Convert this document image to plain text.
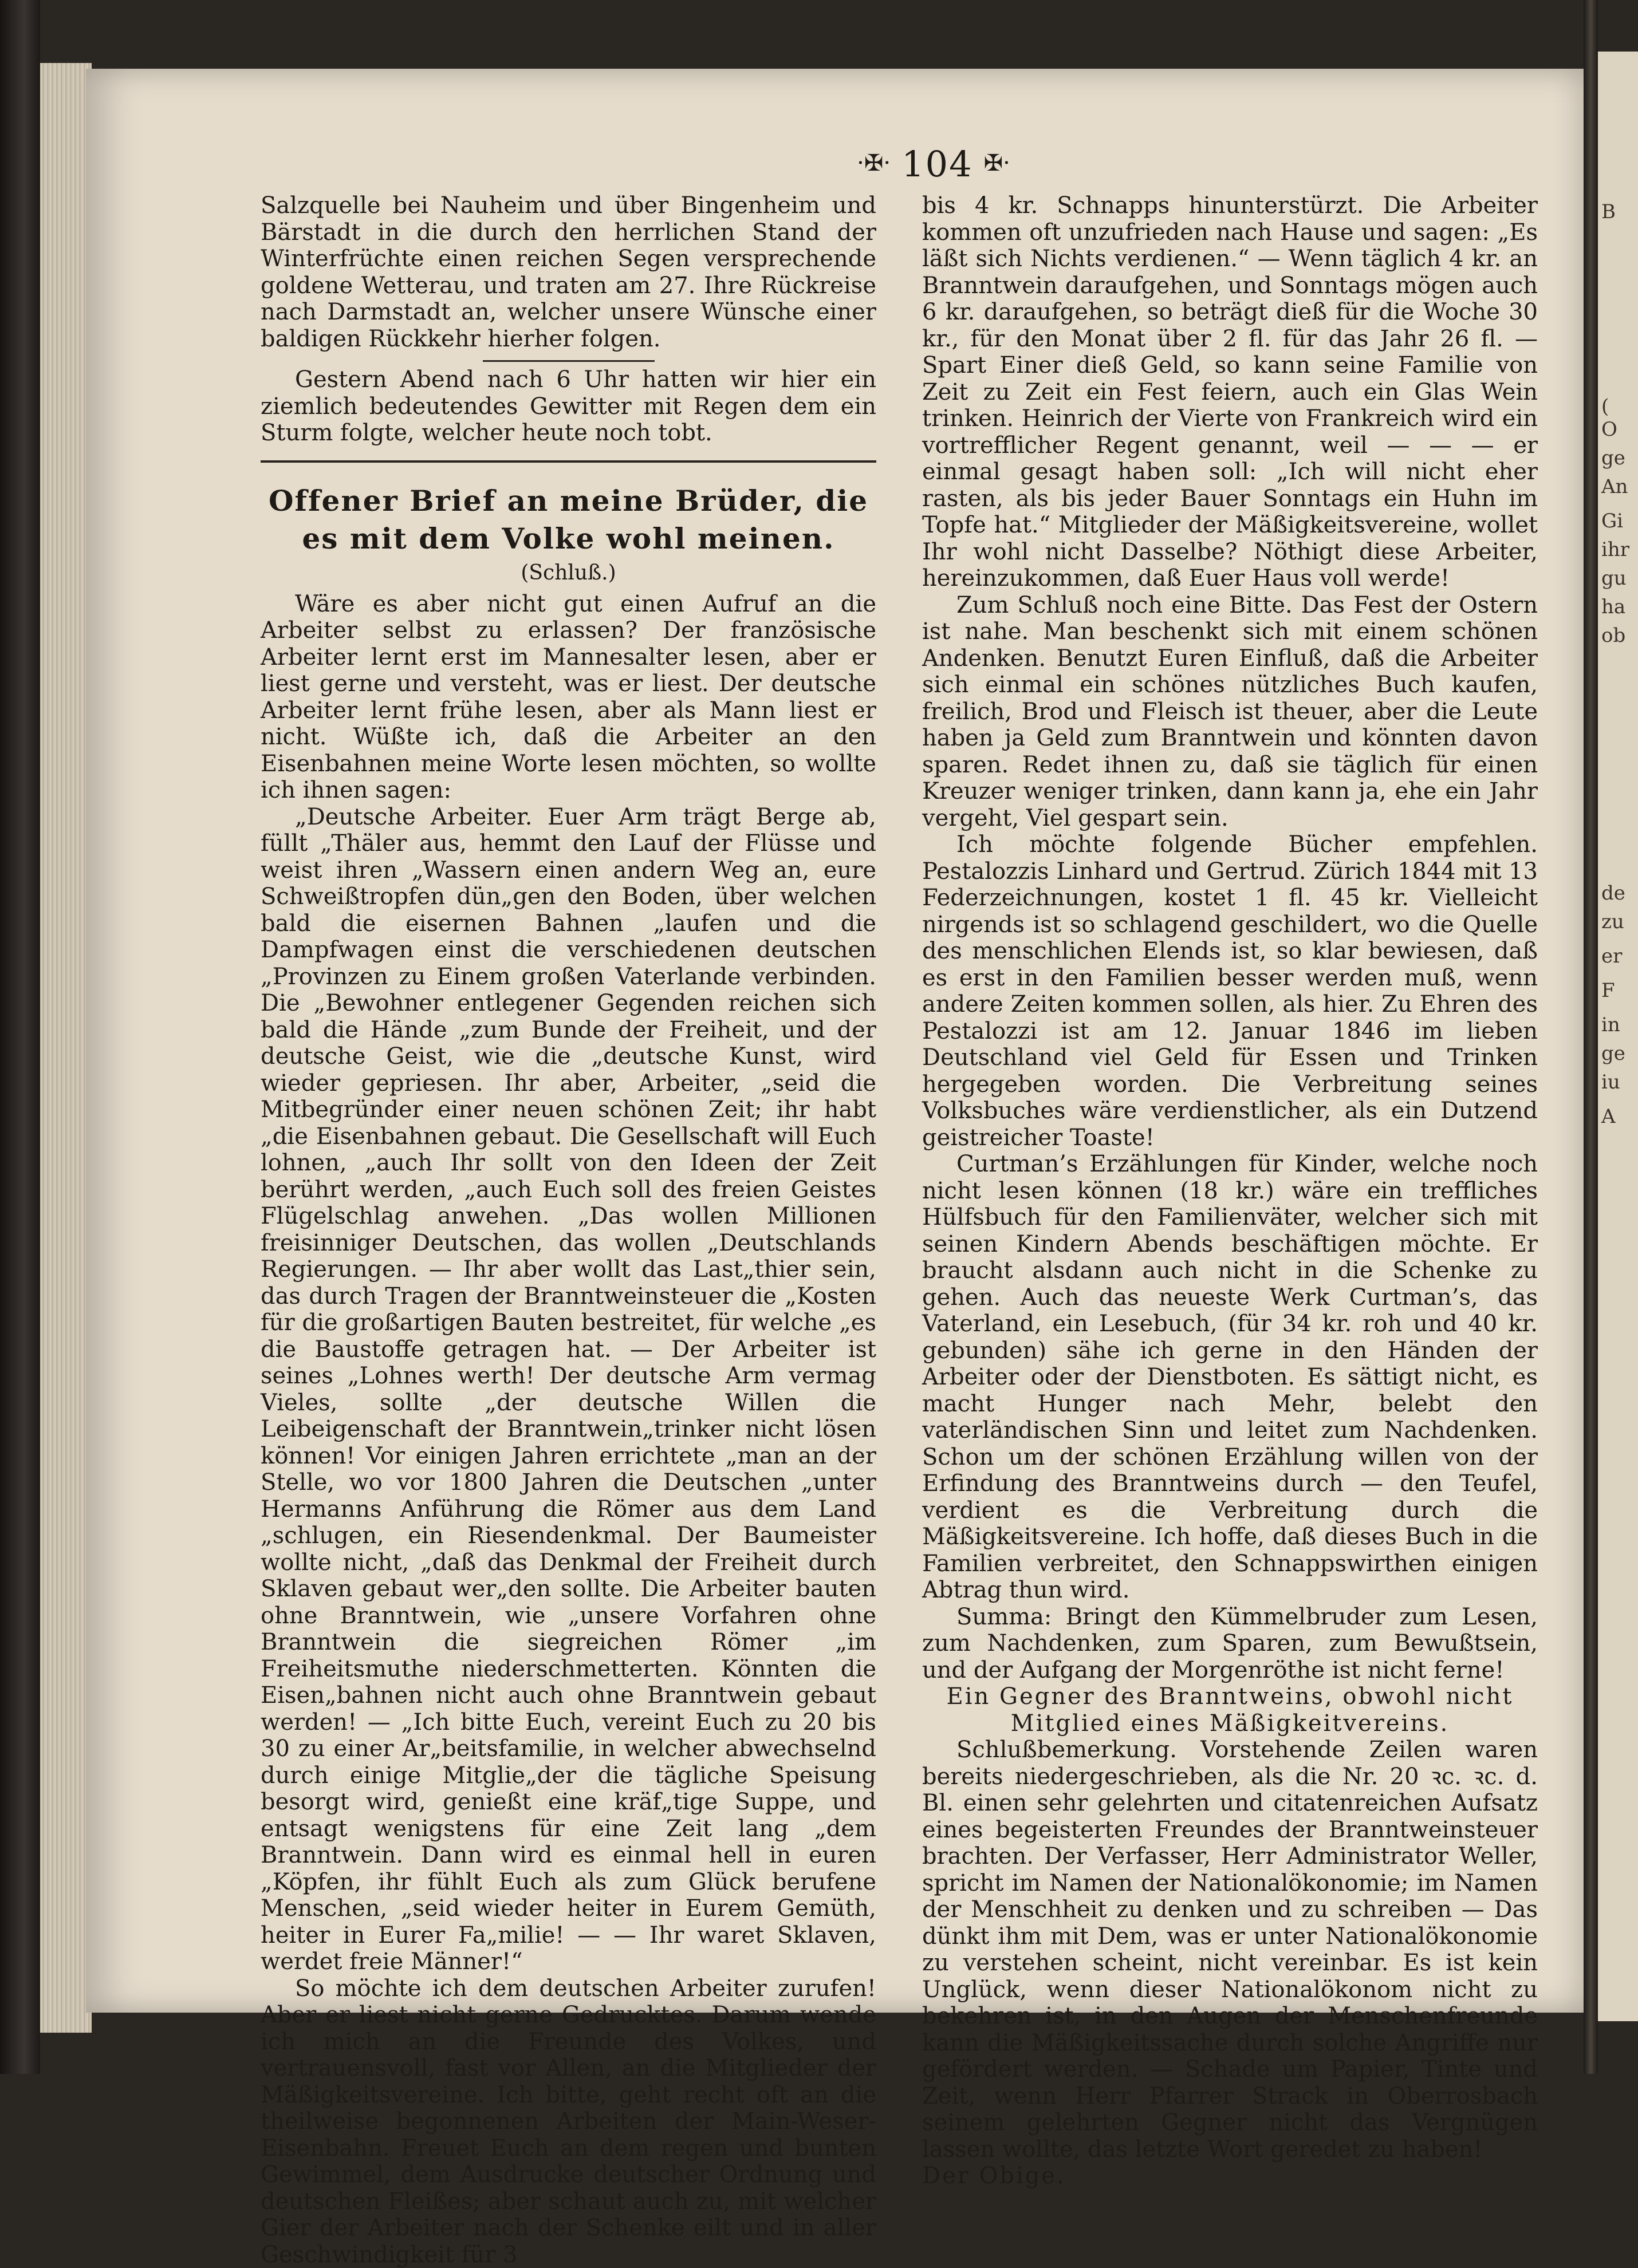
B
(
O
ge
An
Gi
ihr
gu
ha
ob
de
zu
er
F
in
ge
iu
A
·✠· 104 ✠·

Salzquelle bei Nauheim und über Bingenheim und Bärstadt in die durch den herrlichen Stand der Winterfrüchte einen reichen Segen versprechende goldene Wetterau, und traten am 27. Ihre Rückreise nach Darmstadt an, welcher unsere Wünsche einer baldigen Rückkehr hierher folgen.

Gestern Abend nach 6 Uhr hatten wir hier ein ziemlich bedeutendes Gewitter mit Regen dem ein Sturm folgte, welcher heute noch tobt.

Offener Brief an meine Brüder, die es mit dem Volke wohl meinen.
(Schluß.)

Wäre es aber nicht gut einen Aufruf an die Arbeiter selbst zu erlassen? Der französische Arbeiter lernt erst im Mannesalter lesen, aber er liest gerne und versteht, was er liest. Der deutsche Arbeiter lernt frühe lesen, aber als Mann liest er nicht. Wüßte ich, daß die Arbeiter an den Eisenbahnen meine Worte lesen möchten, so wollte ich ihnen sagen:

„Deutsche Arbeiter. Euer Arm trägt Berge ab, füllt „Thäler aus, hemmt den Lauf der Flüsse und weist ihren „Wassern einen andern Weg an, eure Schweißtropfen dün„gen den Boden, über welchen bald die eisernen Bahnen „laufen und die Dampfwagen einst die verschiedenen deutschen „Provinzen zu Einem großen Vaterlande verbinden. Die „Bewohner entlegener Gegenden reichen sich bald die Hände „zum Bunde der Freiheit, und der deutsche Geist, wie die „deutsche Kunst, wird wieder gepriesen. Ihr aber, Arbeiter, „seid die Mitbegründer einer neuen schönen Zeit; ihr habt „die Eisenbahnen gebaut. Die Gesellschaft will Euch lohnen, „auch Ihr sollt von den Ideen der Zeit berührt werden, „auch Euch soll des freien Geistes Flügelschlag anwehen. „Das wollen Millionen freisinniger Deutschen, das wollen „Deutschlands Regierungen. — Ihr aber wollt das Last„thier sein, das durch Tragen der Branntweinsteuer die „Kosten für die großartigen Bauten bestreitet, für welche „es die Baustoffe getragen hat. — Der Arbeiter ist seines „Lohnes werth! Der deutsche Arm vermag Vieles, sollte „der deutsche Willen die Leibeigenschaft der Branntwein„trinker nicht lösen können! Vor einigen Jahren errichtete „man an der Stelle, wo vor 1800 Jahren die Deutschen „unter Hermanns Anführung die Römer aus dem Land „schlugen, ein Riesendenkmal. Der Baumeister wollte nicht, „daß das Denkmal der Freiheit durch Sklaven gebaut wer„den sollte. Die Arbeiter bauten ohne Branntwein, wie „unsere Vorfahren ohne Branntwein die siegreichen Römer „im Freiheitsmuthe niederschmetterten. Könnten die Eisen„bahnen nicht auch ohne Branntwein gebaut werden! — „Ich bitte Euch, vereint Euch zu 20 bis 30 zu einer Ar„beitsfamilie, in welcher abwechselnd durch einige Mitglie„der die tägliche Speisung besorgt wird, genießt eine kräf„tige Suppe, und entsagt wenigstens für eine Zeit lang „dem Branntwein. Dann wird es einmal hell in euren „Köpfen, ihr fühlt Euch als zum Glück berufene Menschen, „seid wieder heiter in Eurem Gemüth, heiter in Eurer Fa„milie! — — Ihr waret Sklaven, werdet freie Männer!“

So möchte ich dem deutschen Arbeiter zurufen! Aber er liest nicht gerne Gedrucktes. Darum wende ich mich an die Freunde des Volkes, und vertrauensvoll, fast vor Allen, an die Mitglieder der Mäßigkeitsvereine. Ich bitte, geht recht oft an die theilweise begonnenen Arbeiten der Main-Weser-Eisenbahn. Freuet Euch an dem regen und bunten Gewimmel, dem Ausdrucke deutscher Ordnung und deutschen Fleißes; aber schaut auch zu, mit welcher Gier der Arbeiter nach der Schenke eilt und in aller Geschwindigkeit für 3

bis 4 kr. Schnapps hinunterstürzt. Die Arbeiter kommen oft unzufrieden nach Hause und sagen: „Es läßt sich Nichts verdienen.“ — Wenn täglich 4 kr. an Branntwein daraufgehen, und Sonntags mögen auch 6 kr. daraufgehen, so beträgt dieß für die Woche 30 kr., für den Monat über 2 fl. für das Jahr 26 fl. — Spart Einer dieß Geld, so kann seine Familie von Zeit zu Zeit ein Fest feiern, auch ein Glas Wein trinken. Heinrich der Vierte von Frankreich wird ein vortrefflicher Regent genannt, weil — — — er einmal gesagt haben soll: „Ich will nicht eher rasten, als bis jeder Bauer Sonntags ein Huhn im Topfe hat.“ Mitglieder der Mäßigkeitsvereine, wollet Ihr wohl nicht Dasselbe? Nöthigt diese Arbeiter, hereinzukommen, daß Euer Haus voll werde!

Zum Schluß noch eine Bitte. Das Fest der Ostern ist nahe. Man beschenkt sich mit einem schönen Andenken. Benutzt Euren Einfluß, daß die Arbeiter sich einmal ein schönes nützliches Buch kaufen, freilich, Brod und Fleisch ist theuer, aber die Leute haben ja Geld zum Branntwein und könnten davon sparen. Redet ihnen zu, daß sie täglich für einen Kreuzer weniger trinken, dann kann ja, ehe ein Jahr vergeht, Viel gespart sein.

Ich möchte folgende Bücher empfehlen. Pestalozzis Linhard und Gertrud. Zürich 1844 mit 13 Federzeichnungen, kostet 1 fl. 45 kr. Vielleicht nirgends ist so schlagend geschildert, wo die Quelle des menschlichen Elends ist, so klar bewiesen, daß es erst in den Familien besser werden muß, wenn andere Zeiten kommen sollen, als hier. Zu Ehren des Pestalozzi ist am 12. Januar 1846 im lieben Deutschland viel Geld für Essen und Trinken hergegeben worden. Die Verbreitung seines Volksbuches wäre verdienstlicher, als ein Dutzend geistreicher Toaste!

Curtman’s Erzählungen für Kinder, welche noch nicht lesen können (18 kr.) wäre ein treffliches Hülfsbuch für den Familienväter, welcher sich mit seinen Kindern Abends beschäftigen möchte. Er braucht alsdann auch nicht in die Schenke zu gehen. Auch das neueste Werk Curtman’s, das Vaterland, ein Lesebuch, (für 34 kr. roh und 40 kr. gebunden) sähe ich gerne in den Händen der Arbeiter oder der Dienstboten. Es sättigt nicht, es macht Hunger nach Mehr, belebt den vaterländischen Sinn und leitet zum Nachdenken. Schon um der schönen Erzählung willen von der Erfindung des Branntweins durch — den Teufel, verdient es die Verbreitung durch die Mäßigkeitsvereine. Ich hoffe, daß dieses Buch in die Familien verbreitet, den Schnappswirthen einigen Abtrag thun wird.

Summa: Bringt den Kümmelbruder zum Lesen, zum Nachdenken, zum Sparen, zum Bewußtsein, und der Aufgang der Morgenröthe ist nicht ferne!

Ein Gegner des Branntweins, obwohl nicht Mitglied eines Mäßigkeitvereins.

Schlußbemerkung. Vorstehende Zeilen waren bereits niedergeschrieben, als die Nr. 20 ꝛc. ꝛc. d. Bl. einen sehr gelehrten und citatenreichen Aufsatz eines begeisterten Freundes der Branntweinsteuer brachten. Der Verfasser, Herr Administrator Weller, spricht im Namen der Nationalökonomie; im Namen der Menschheit zu denken und zu schreiben — Das dünkt ihm mit Dem, was er unter Nationalökonomie zu verstehen scheint, nicht vereinbar. Es ist kein Unglück, wenn dieser Nationalökonom nicht zu bekehren ist, in den Augen der Menschenfreunde kann die Mäßigkeitssache durch solche Angriffe nur gefördert werden. — Schade um Papier, Tinte und Zeit, wenn Herr Pfarrer Strack in Oberrosbach seinem gelehrten Gegner nicht das Vergnügen lassen wollte, das letzte Wort geredet zu haben!

Der Obige.
